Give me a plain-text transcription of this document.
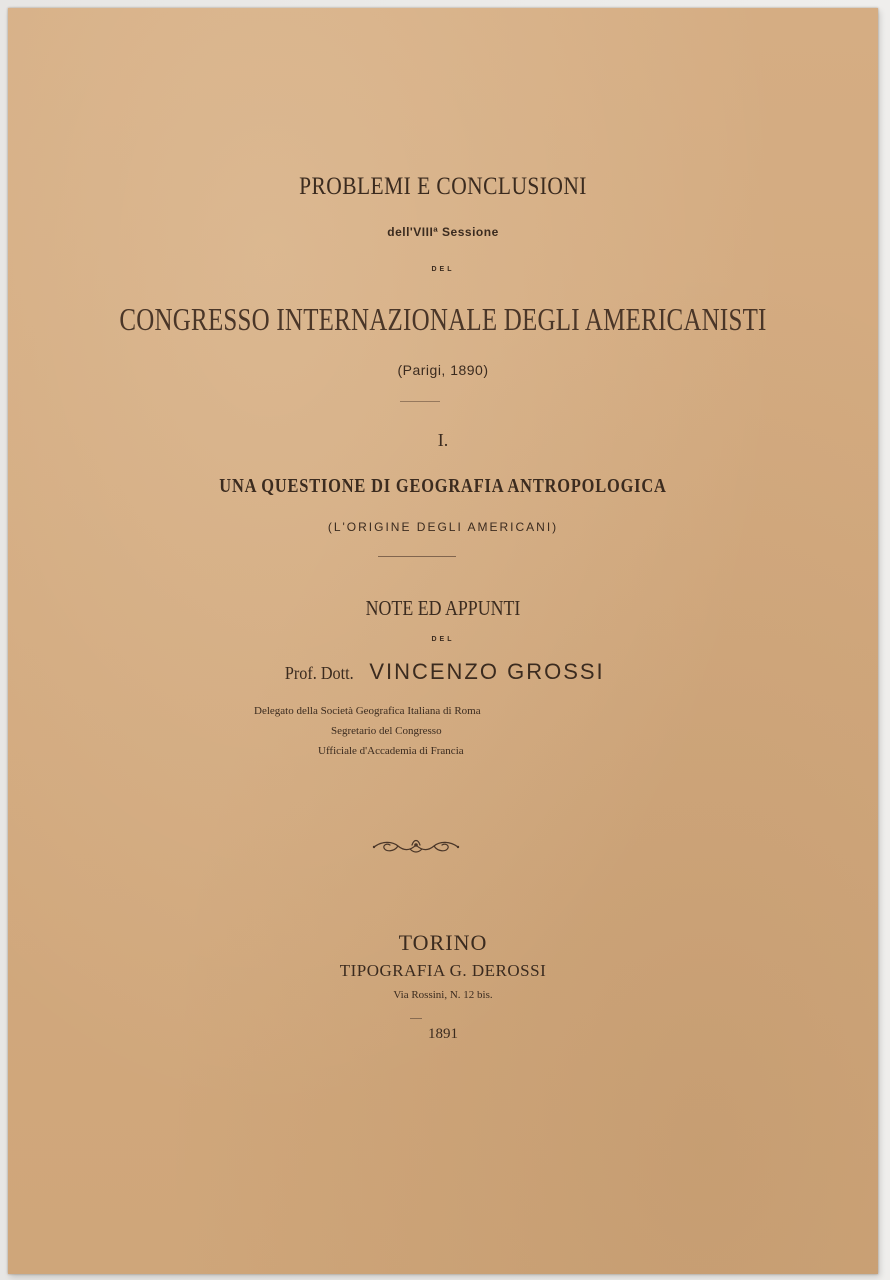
PROBLEMI E CONCLUSIONI

dell'VIIIª Sessione

DEL

CONGRESSO INTERNAZIONALE DEGLI AMERICANISTI

(Parigi, 1890)

I.

UNA QUESTIONE DI GEOGRAFIA ANTROPOLOGICA

(L'ORIGINE DEGLI AMERICANI)

NOTE ED APPUNTI

DEL

Prof. Dott. VINCENZO GROSSI

Delegato della Società Geografica Italiana di Roma
Segretario del Congresso
Ufficiale d'Accademia di Francia

TORINO

TIPOGRAFIA G. DEROSSI

Via Rossini, N. 12 bis.

1891
